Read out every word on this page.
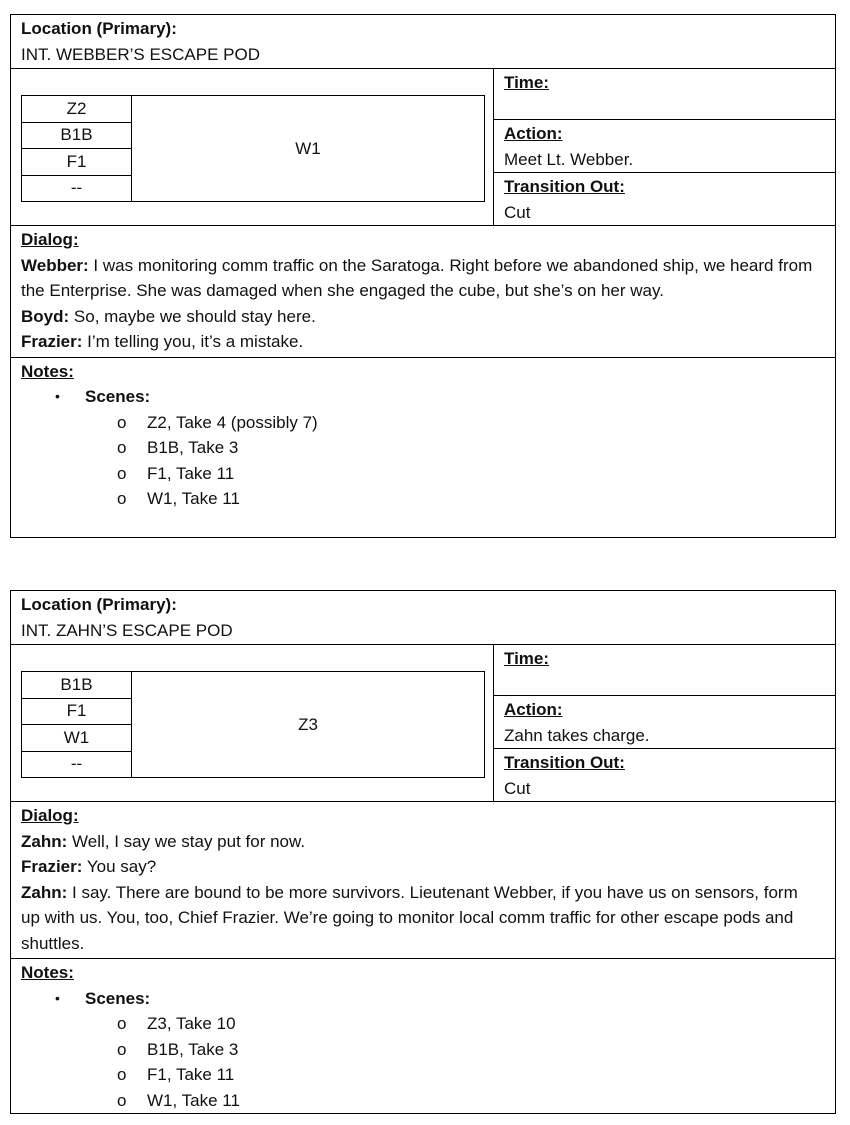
Location (Primary):
INT. WEBBER’S ESCAPE POD
Z2
B1B
F1
--
W1
Time:
Action:
Meet Lt. Webber.
Transition Out:
Cut
Dialog:
Webber: I was monitoring comm traffic on the Saratoga. Right before we abandoned ship, we heard from the Enterprise. She was damaged when she engaged the cube, but she’s on her way.
Boyd: So, maybe we should stay here.
Frazier: I’m telling you, it’s a mistake.
Notes:
•	Scenes:
o	Z2, Take 4 (possibly 7)
o	B1B, Take 3
o	F1, Take 11
o	W1, Take 11
Location (Primary):
INT. ZAHN’S ESCAPE POD
B1B
F1
W1
--
Z3
Time:
Action:
Zahn takes charge.
Transition Out:
Cut
Dialog:
Zahn: Well, I say we stay put for now.
Frazier: You say?
Zahn: I say. There are bound to be more survivors. Lieutenant Webber, if you have us on sensors, form up with us. You, too, Chief Frazier. We’re going to monitor local comm traffic for other escape pods and shuttles.
Notes:
•	Scenes:
o	Z3, Take 10
o	B1B, Take 3
o	F1, Take 11
o	W1, Take 11
